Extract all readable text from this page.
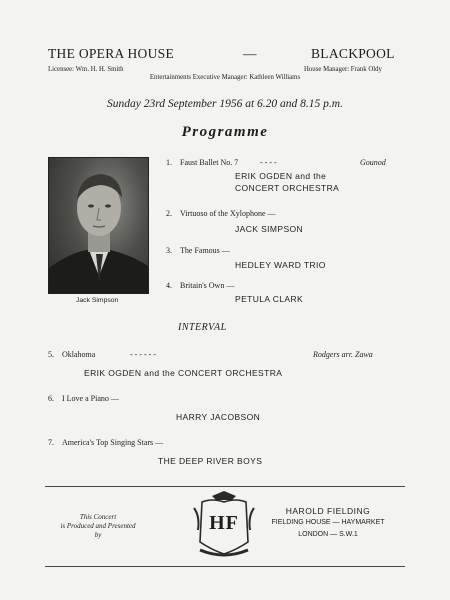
THE OPERA HOUSE	—	BLACKPOOL
Licensee: Wm. H. H. Smith	House Manager: Frank Oldy
Entertainments Executive Manager: Kathleen Williams
Sunday 23rd September 1956 at 6.20 and 8.15 p.m.
Programme
Jack Simpson
1. Faust Ballet No. 7	- - - -	Gounod
ERIK OGDEN and the
CONCERT ORCHESTRA
2. Virtuoso of the Xylophone —
JACK SIMPSON
3. The Famous —
HEDLEY WARD TRIO
4. Britain's Own —
PETULA CLARK
INTERVAL
5. Oklahoma	- - - - - -	Rodgers arr. Zawa
ERIK OGDEN and the CONCERT ORCHESTRA
6. I Love a Piano —
HARRY JACOBSON
7. America's Top Singing Stars —
THE DEEP RIVER BOYS
This Concert
is Produced and Presented
by
HF
HAROLD FIELDING
FIELDING HOUSE — HAYMARKET
LONDON — S.W.1
